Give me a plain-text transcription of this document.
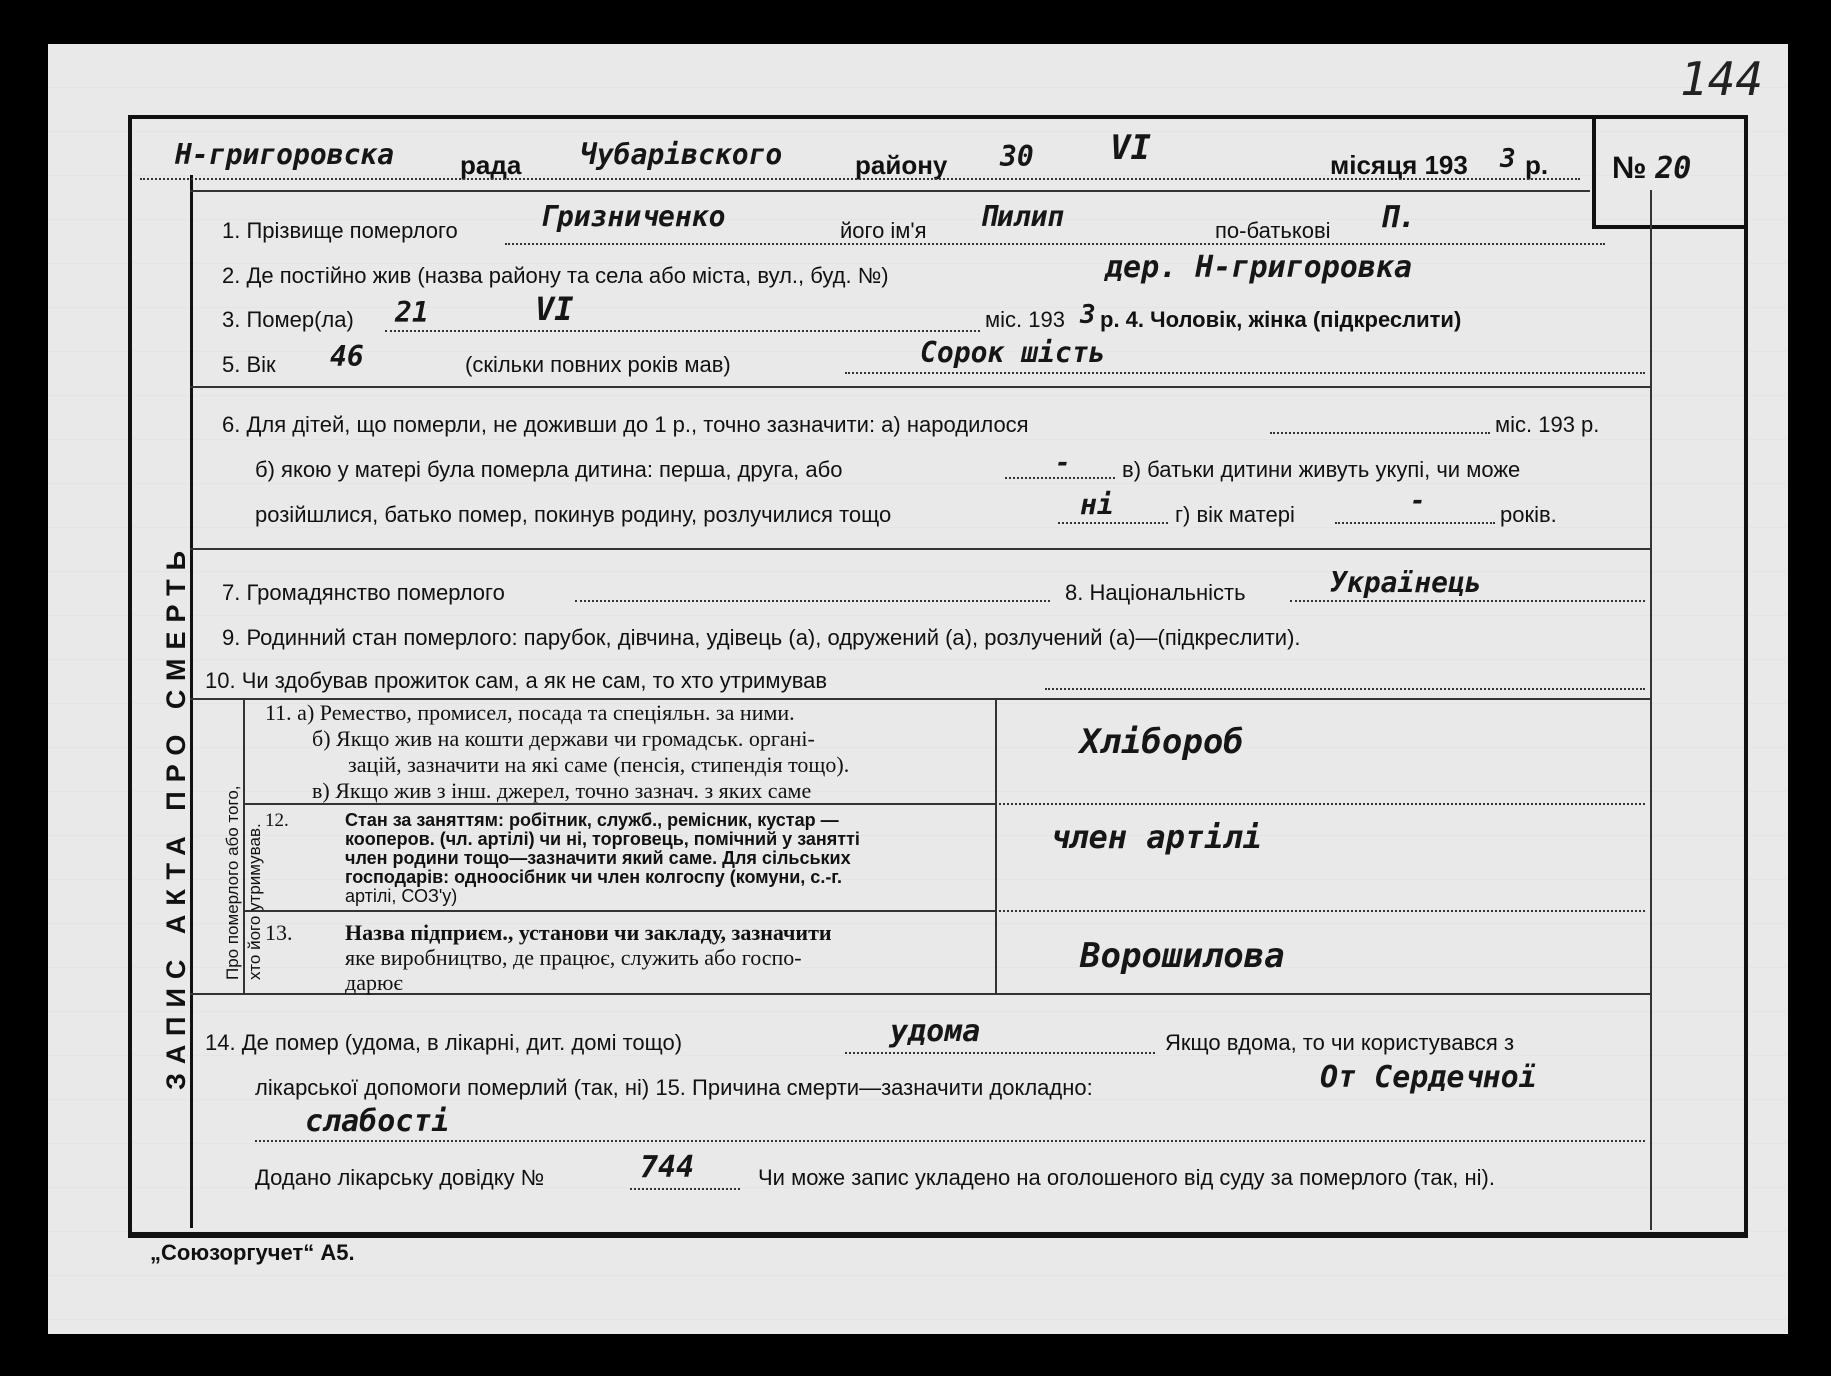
144
ЗАПИС АКТА ПРО СМЕРТЬ
№ 20
Н-григоровска	рада Чубарівского	району 30 VI	місяця 193 3 р.
1. Прізвище померлого	Гризниченко	його ім'я Пилип	по-батькові П.
2. Де постійно жив (назва району та села або міста, вул., буд. №)	дер. Н-григоровка
3. Помер(ла) 21	VI	міс. 193 3 р. 4. Чоловік, жінка (підкреслити)
5. Вік 46	(скільки повних років мав)	Сорок шість
6. Для дітей, що померли, не доживши до 1 р., точно зазначити: а) народилося	міс. 193 р.
б) якою у матері була померла дитина: перша, друга, або	- в) батьки дитини живуть укупі, чи може
розійшлися, батько помер, покинув родину, розлучилися тощо	ні	г) вік матері	-	років.
7. Громадянство померлого	8. Національність	Українець
9. Родинний стан померлого: парубок, дівчина, удівець (а), одружений (а), розлучений (а)—(підкреслити).
10. Чи здобував прожиток сам, а як не сам, то хто утримував
Про померлого або того, хто його утримував.
11. а) Ремество, промисел, посада та спеціяльн. за ними.
б) Якщо жив на кошти держави чи громадськ. органі-
зацій, зазначити на які саме (пенсія, стипендія тощо).
в) Якщо жив з інш. джерел, точно зазнач. з яких саме
Хлібороб
12.	Стан за заняттям: робітник, служб., ремісник, кустар —
кооперов. (чл. артілі) чи ні, торговець, помічний у занятті
член родини тощо—зазначити який саме. Для сільських
господарів: одноосібник чи член колгоспу (комуни, с.-г.
артілі, СОЗ'у)
член артілі
13. Назва підприєм., установи чи закладу, зазначити
яке виробництво, де працює, служить або госпо-
дарює
Ворошилова
14. Де помер (удома, в лікарні, дит. домі тощо)	удома	Якщо вдома, то чи користувався з
лікарської допомоги померлий (так, ні) 15. Причина смерти—зазначити докладно:	От Сердечної
слабості
Додано лікарську довідку №	744	Чи може запис укладено на оголошеного від суду за померлого (так, ні).
„Союзоргучет“ А5.
